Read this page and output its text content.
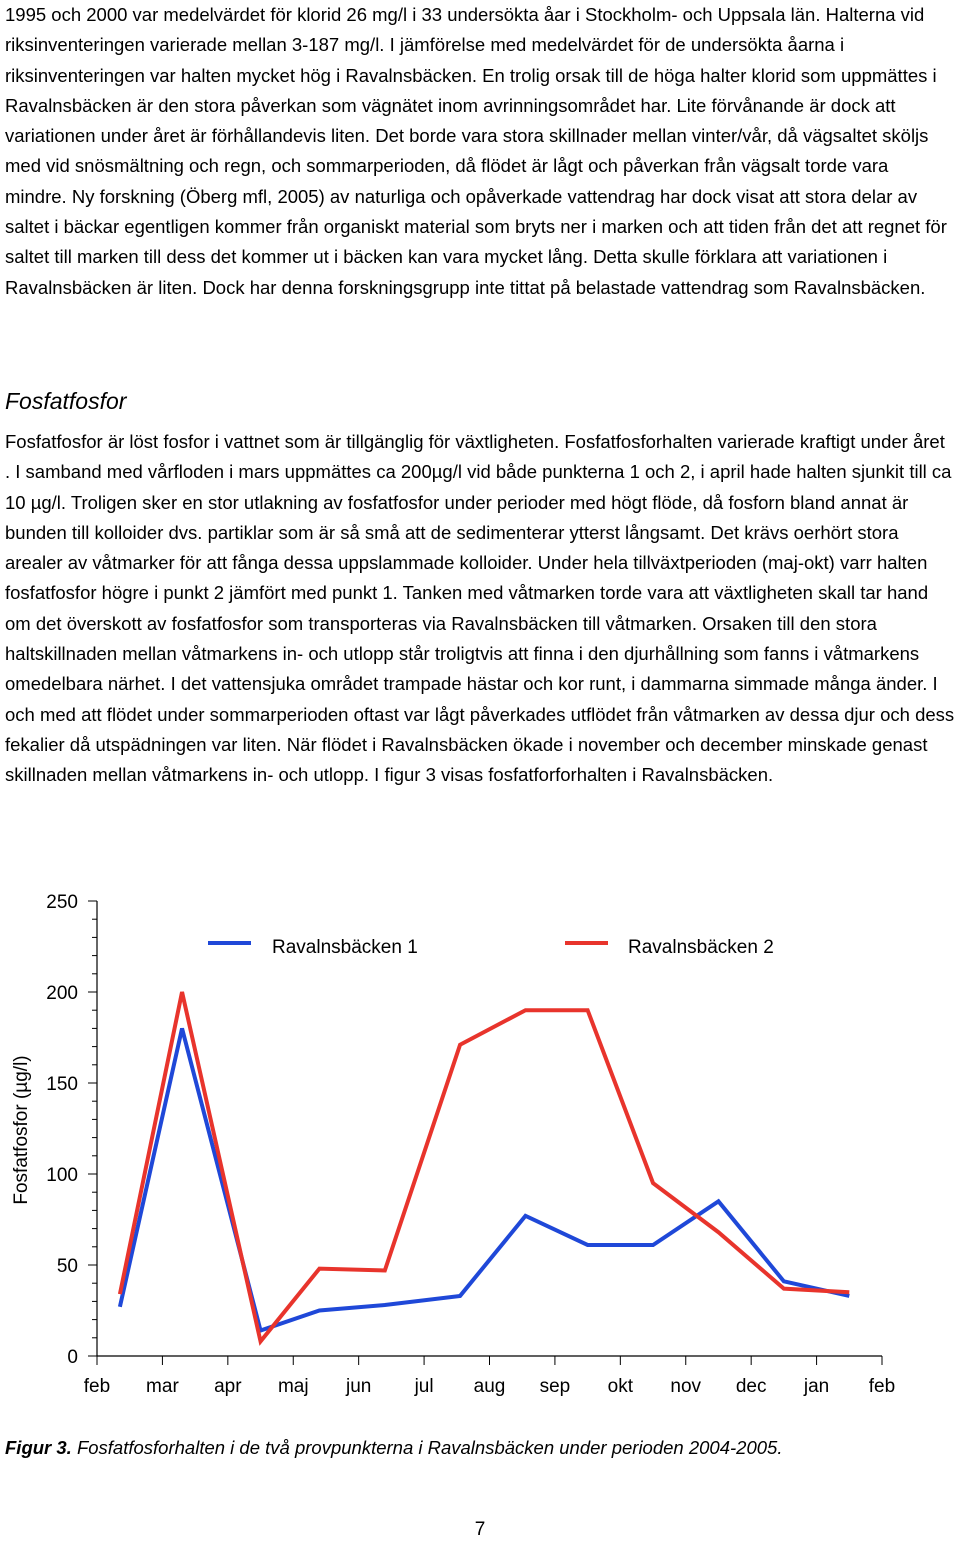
1995 och 2000 var medelvärdet för klorid 26 mg/l i 33 undersökta åar i Stockholm- och Uppsala län. Halterna vid riksinventeringen varierade mellan 3-187 mg/l. I jämförelse med medelvärdet för de undersökta åarna i riksinventeringen var halten mycket hög i Ravalnsbäcken. En trolig orsak till de höga halter klorid som uppmättes i Ravalnsbäcken är den stora påverkan som vägnätet inom avrinningsområdet har. Lite förvånande är dock att variationen under året är förhållandevis liten. Det borde vara stora skillnader mellan vinter/vår, då vägsaltet sköljs med vid snösmältning och regn, och sommarperioden, då flödet är lågt och påverkan från vägsalt torde vara mindre. Ny forskning (Öberg mfl, 2005) av naturliga och opåverkade vattendrag har dock visat att stora delar av saltet i bäckar egentligen kommer från organiskt material som bryts ner i marken och att tiden från det att regnet för saltet till marken till dess det kommer ut i bäcken kan vara mycket lång. Detta skulle förklara att variationen i Ravalnsbäcken är liten. Dock har denna forskningsgrupp inte tittat på belastade vattendrag som Ravalnsbäcken.
Fosfatfosfor
Fosfatfosfor är löst fosfor i vattnet som är tillgänglig för växtligheten. Fosfatfosforhalten varierade kraftigt under året . I samband med vårfloden i mars uppmättes ca 200µg/l vid både punkterna 1 och 2, i april hade halten sjunkit till ca 10 µg/l. Troligen sker en stor utlakning av fosfatfosfor under perioder med högt flöde, då fosforn bland annat är bunden till kolloider dvs. partiklar som är så små att de sedimenterar ytterst långsamt. Det krävs oerhört stora arealer av våtmarker för att fånga dessa uppslammade kolloider. Under hela tillväxtperioden (maj-okt) varr halten fosfatfosfor högre i punkt 2 jämfört med punkt 1. Tanken med våtmarken torde vara att växtligheten skall tar hand om det överskott av fosfatfosfor som transporteras via Ravalnsbäcken till våtmarken. Orsaken till den stora haltskillnaden mellan våtmarkens in- och utlopp står troligtvis att finna i den djurhållning som fanns i våtmarkens omedelbara närhet. I det vattensjuka området trampade hästar och kor runt, i dammarna simmade många änder. I och med att flödet under sommarperioden oftast var lågt påverkades utflödet från våtmarken av dessa djur och dess fekalier då utspädningen var liten. När flödet i Ravalnsbäcken ökade i november och december minskade genast skillnaden mellan våtmarkens in- och utlopp. I figur 3 visas fosfatforforhalten i Ravalnsbäcken.
0
50
100
150
200
250
feb mar apr maj jun jul aug sep okt nov dec jan feb
Ravalnsbäcken 1	Ravalnsbäcken 2
Fosfatfosfor (µg/l)
Figur 3. Fosfatfosforhalten i de två provpunkterna i Ravalnsbäcken under perioden 2004-2005.
7
